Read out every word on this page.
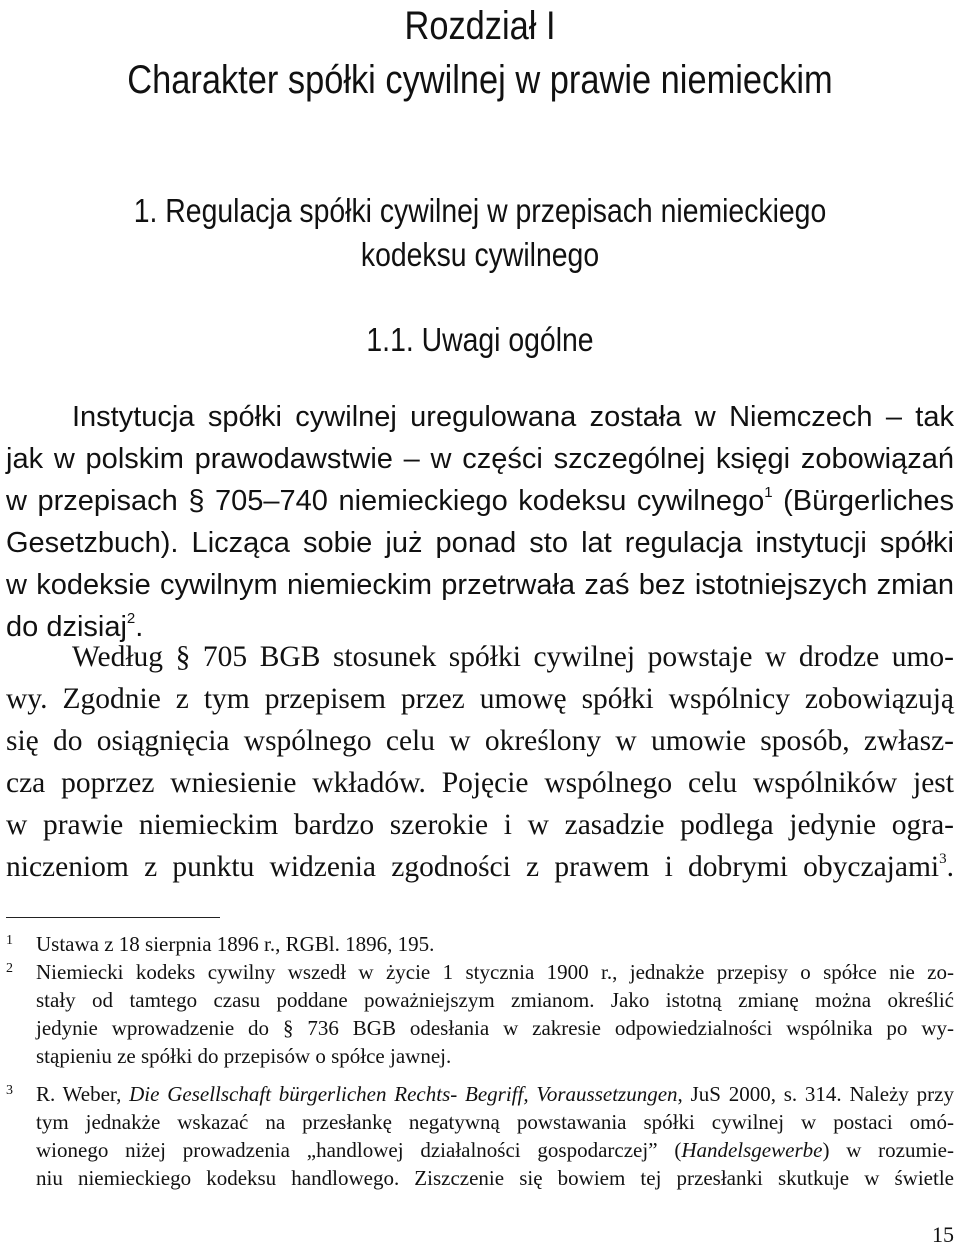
Rozdział I
Charakter spółki cywilnej w prawie niemieckim
1. Regulacja spółki cywilnej w przepisach niemieckiego
kodeksu cywilnego
1.1. Uwagi ogólne
Instytucja spółki cywilnej uregulowana została w Niemczech – tak
jak w polskim prawodawstwie – w części szczególnej księgi zobowiązań
w przepisach § 705–740 niemieckiego kodeksu cywilnego$^1$ (Bürgerliches
Gesetzbuch). Licząca sobie już ponad sto lat regulacja instytucji spółki
w kodeksie cywilnym niemieckim przetrwała zaś bez istotniejszych zmian
do dzisiaj$^2$.
Według § 705 BGB stosunek spółki cywilnej powstaje w drodze umo-
wy. Zgodnie z tym przepisem przez umowę spółki wspólnicy zobowiązują
się do osiągnięcia wspólnego celu w określony w umowie sposób, zwłasz-
cza poprzez wniesienie wkładów. Pojęcie wspólnego celu wspólników jest
w prawie niemieckim bardzo szerokie i w zasadzie podlega jedynie ogra-
niczeniom z punktu widzenia zgodności z prawem i dobrymi obyczajami$^3$.
1 Ustawa z 18 sierpnia 1896 r., RGBl. 1896, 195.
2 Niemiecki kodeks cywilny wszedł w życie 1 stycznia 1900 r., jednakże przepisy o spółce nie zo-
stały od tamtego czasu poddane poważniejszym zmianom. Jako istotną zmianę można określić
jedynie wprowadzenie do § 736 BGB odesłania w zakresie odpowiedzialności wspólnika po wy-
stąpieniu ze spółki do przepisów o spółce jawnej.
3 R. Weber, Die Gesellschaft bürgerlichen Rechts- Begriff, Voraussetzungen, JuS 2000, s. 314. Należy przy
tym jednakże wskazać na przesłankę negatywną powstawania spółki cywilnej w postaci omó-
wionego niżej prowadzenia „handlowej działalności gospodarczej” (Handelsgewerbe) w rozumie-
niu niemieckiego kodeksu handlowego. Ziszczenie się bowiem tej przesłanki skutkuje w świetle
15
